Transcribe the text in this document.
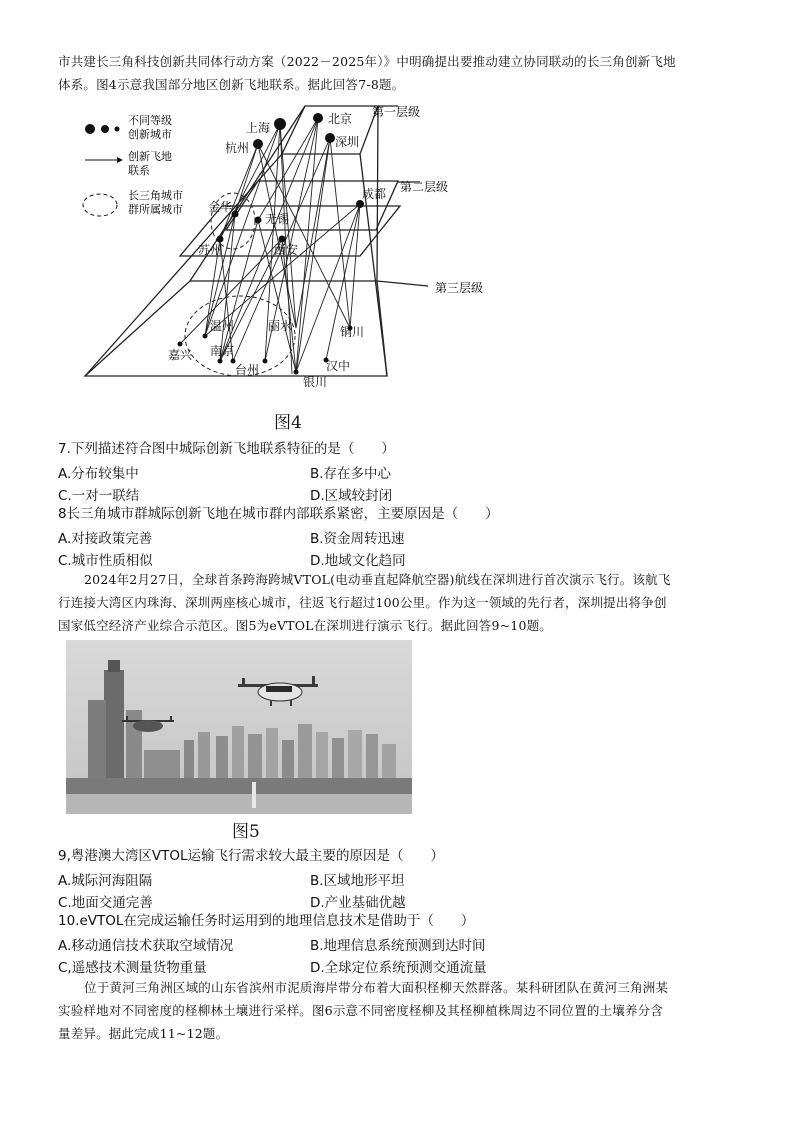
市共建长三角科技创新共同体行动方案（2022－2025年）》中明确提出要推动建立协同联动的长三角创新飞地
体系。图4示意我国部分地区创新飞地联系。据此回答7-8题。
第一层级
第二层级
第三层级
不同等级
创新城市
创新飞地
联系
长三角城市
群所属城市
上海
北京
杭州	深圳
成都
金华
无锡
苏州	西安
温州	丽水
嘉兴 南京
台州	汉中
银川
铜川
图4
7.下列描述符合图中城际创新飞地联系特征的是（　　）
A.分布较集中	B.存在多中心
C.一对一联结	D.区域较封闭
8长三角城市群城际创新飞地在城市群内部联系紧密，主要原因是（　　）
A.对接政策完善	B.资金周转迅速
C.城市性质相似	D.地域文化趋同
2024年2月27日，全球首条跨海跨城VTOL(电动垂直起降航空器)航线在深圳进行首次演示飞行。该航飞
行连接大湾区内珠海、深圳两座核心城市，往返飞行超过100公里。作为这一领域的先行者，深圳提出将争创
国家低空经济产业综合示范区。图5为eVTOL在深圳进行演示飞行。据此回答9~10题。
图5
9,粤港澳大湾区VTOL运输飞行需求较大最主要的原因是（　　）
A.城际河海阻隔	B.区域地形平坦
C.地面交通完善	D.产业基础优越
10.eVTOL在完成运输任务时运用到的地理信息技术是借助于（　　）
A.移动通信技术获取空域情况	B.地理信息系统预测到达时间
C,遥感技术测量货物重量	D.全球定位系统预测交通流量
位于黄河三角洲区域的山东省滨州市泥质海岸带分布着大面积柽柳天然群落。某科研团队在黄河三角洲某
实验样地对不同密度的柽柳林土壤进行采样。图6示意不同密度柽柳及其柽柳植株周边不同位置的土壤养分含
量差异。据此完成11~12题。
